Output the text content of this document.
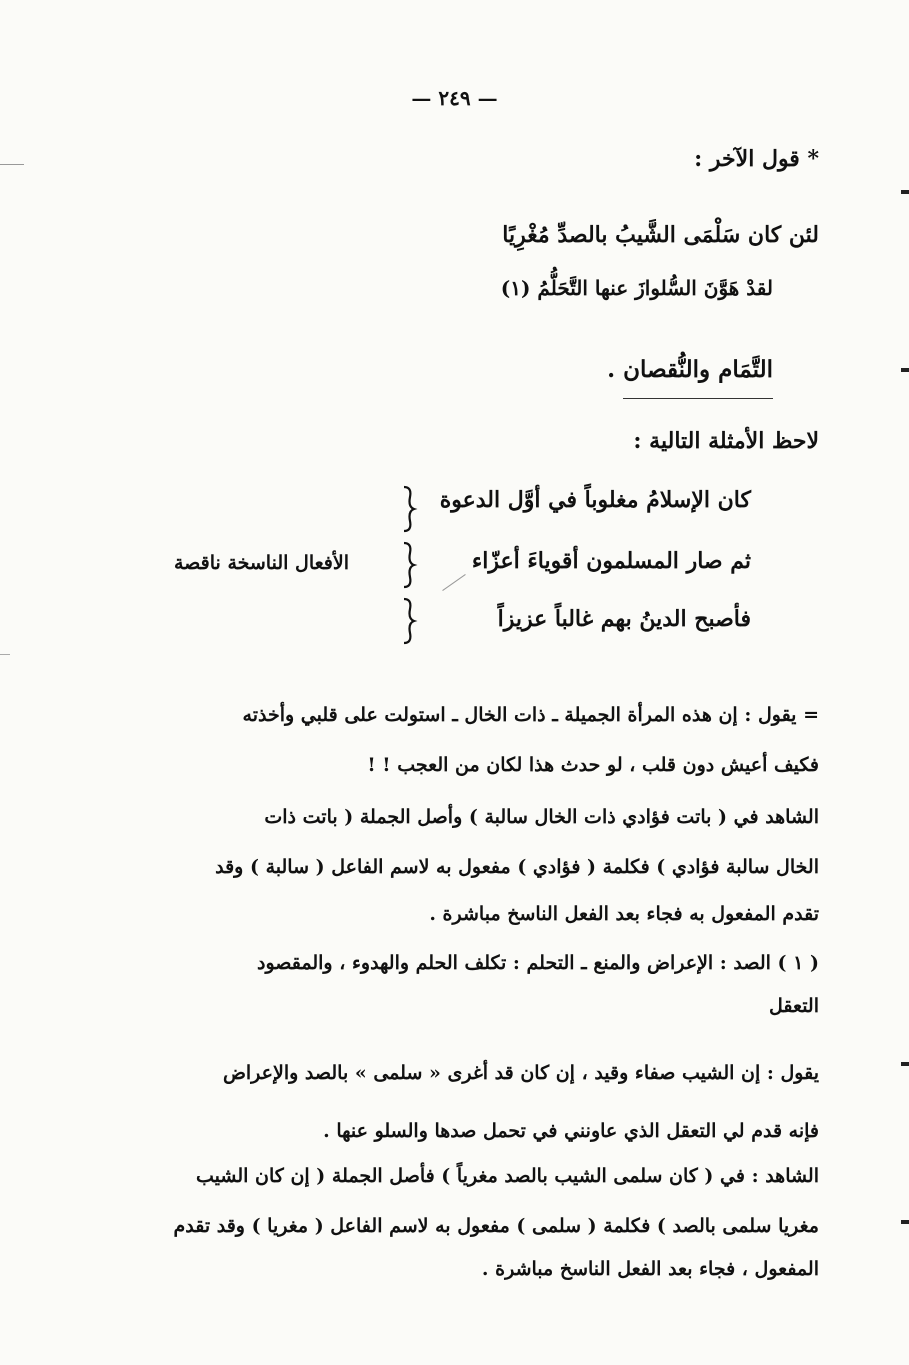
— ٢٤٩ —
* قول الآخر :
لئن كان سَلْمَى الشَّيبُ بالصدِّ مُغْرِيًا
لقدْ هَوَّنَ السُّلوازَ عنها التَّحَلُّمُ (١)
التَّمَام والنُّقصان .
لاحظ الأمثلة التالية :
كان الإسلامُ مغلوباً في أوَّل الدعوة
ثم صار المسلمون أقوياءَ أعزّاء
فأصبح الدينُ بهم غالباً عزيزاً
الأفعال الناسخة ناقصة
= يقول : إن هذه المرأة الجميلة ـ ذات الخال ـ استولت على قلبي وأخذته
فكيف أعيش دون قلب ، لو حدث هذا لكان من العجب ! !
الشاهد في ( باتت فؤادي ذات الخال سالبة ) وأصل الجملة ( باتت ذات
الخال سالبة فؤادي ) فكلمة ( فؤادي ) مفعول به لاسم الفاعل ( سالبة ) وقد
تقدم المفعول به فجاء بعد الفعل الناسخ مباشرة .
( ١ ) الصد : الإعراض والمنع ـ التحلم : تكلف الحلم والهدوء ، والمقصود
التعقل
يقول : إن الشيب صفاء وقيد ، إن كان قد أغرى « سلمى » بالصد والإعراض
فإنه قدم لي التعقل الذي عاونني في تحمل صدها والسلو عنها .
الشاهد : في ( كان سلمى الشيب بالصد مغرياً ) فأصل الجملة ( إن كان الشيب
مغريا سلمى بالصد ) فكلمة ( سلمى ) مفعول به لاسم الفاعل ( مغريا ) وقد تقدم
المفعول ، فجاء بعد الفعل الناسخ مباشرة .
